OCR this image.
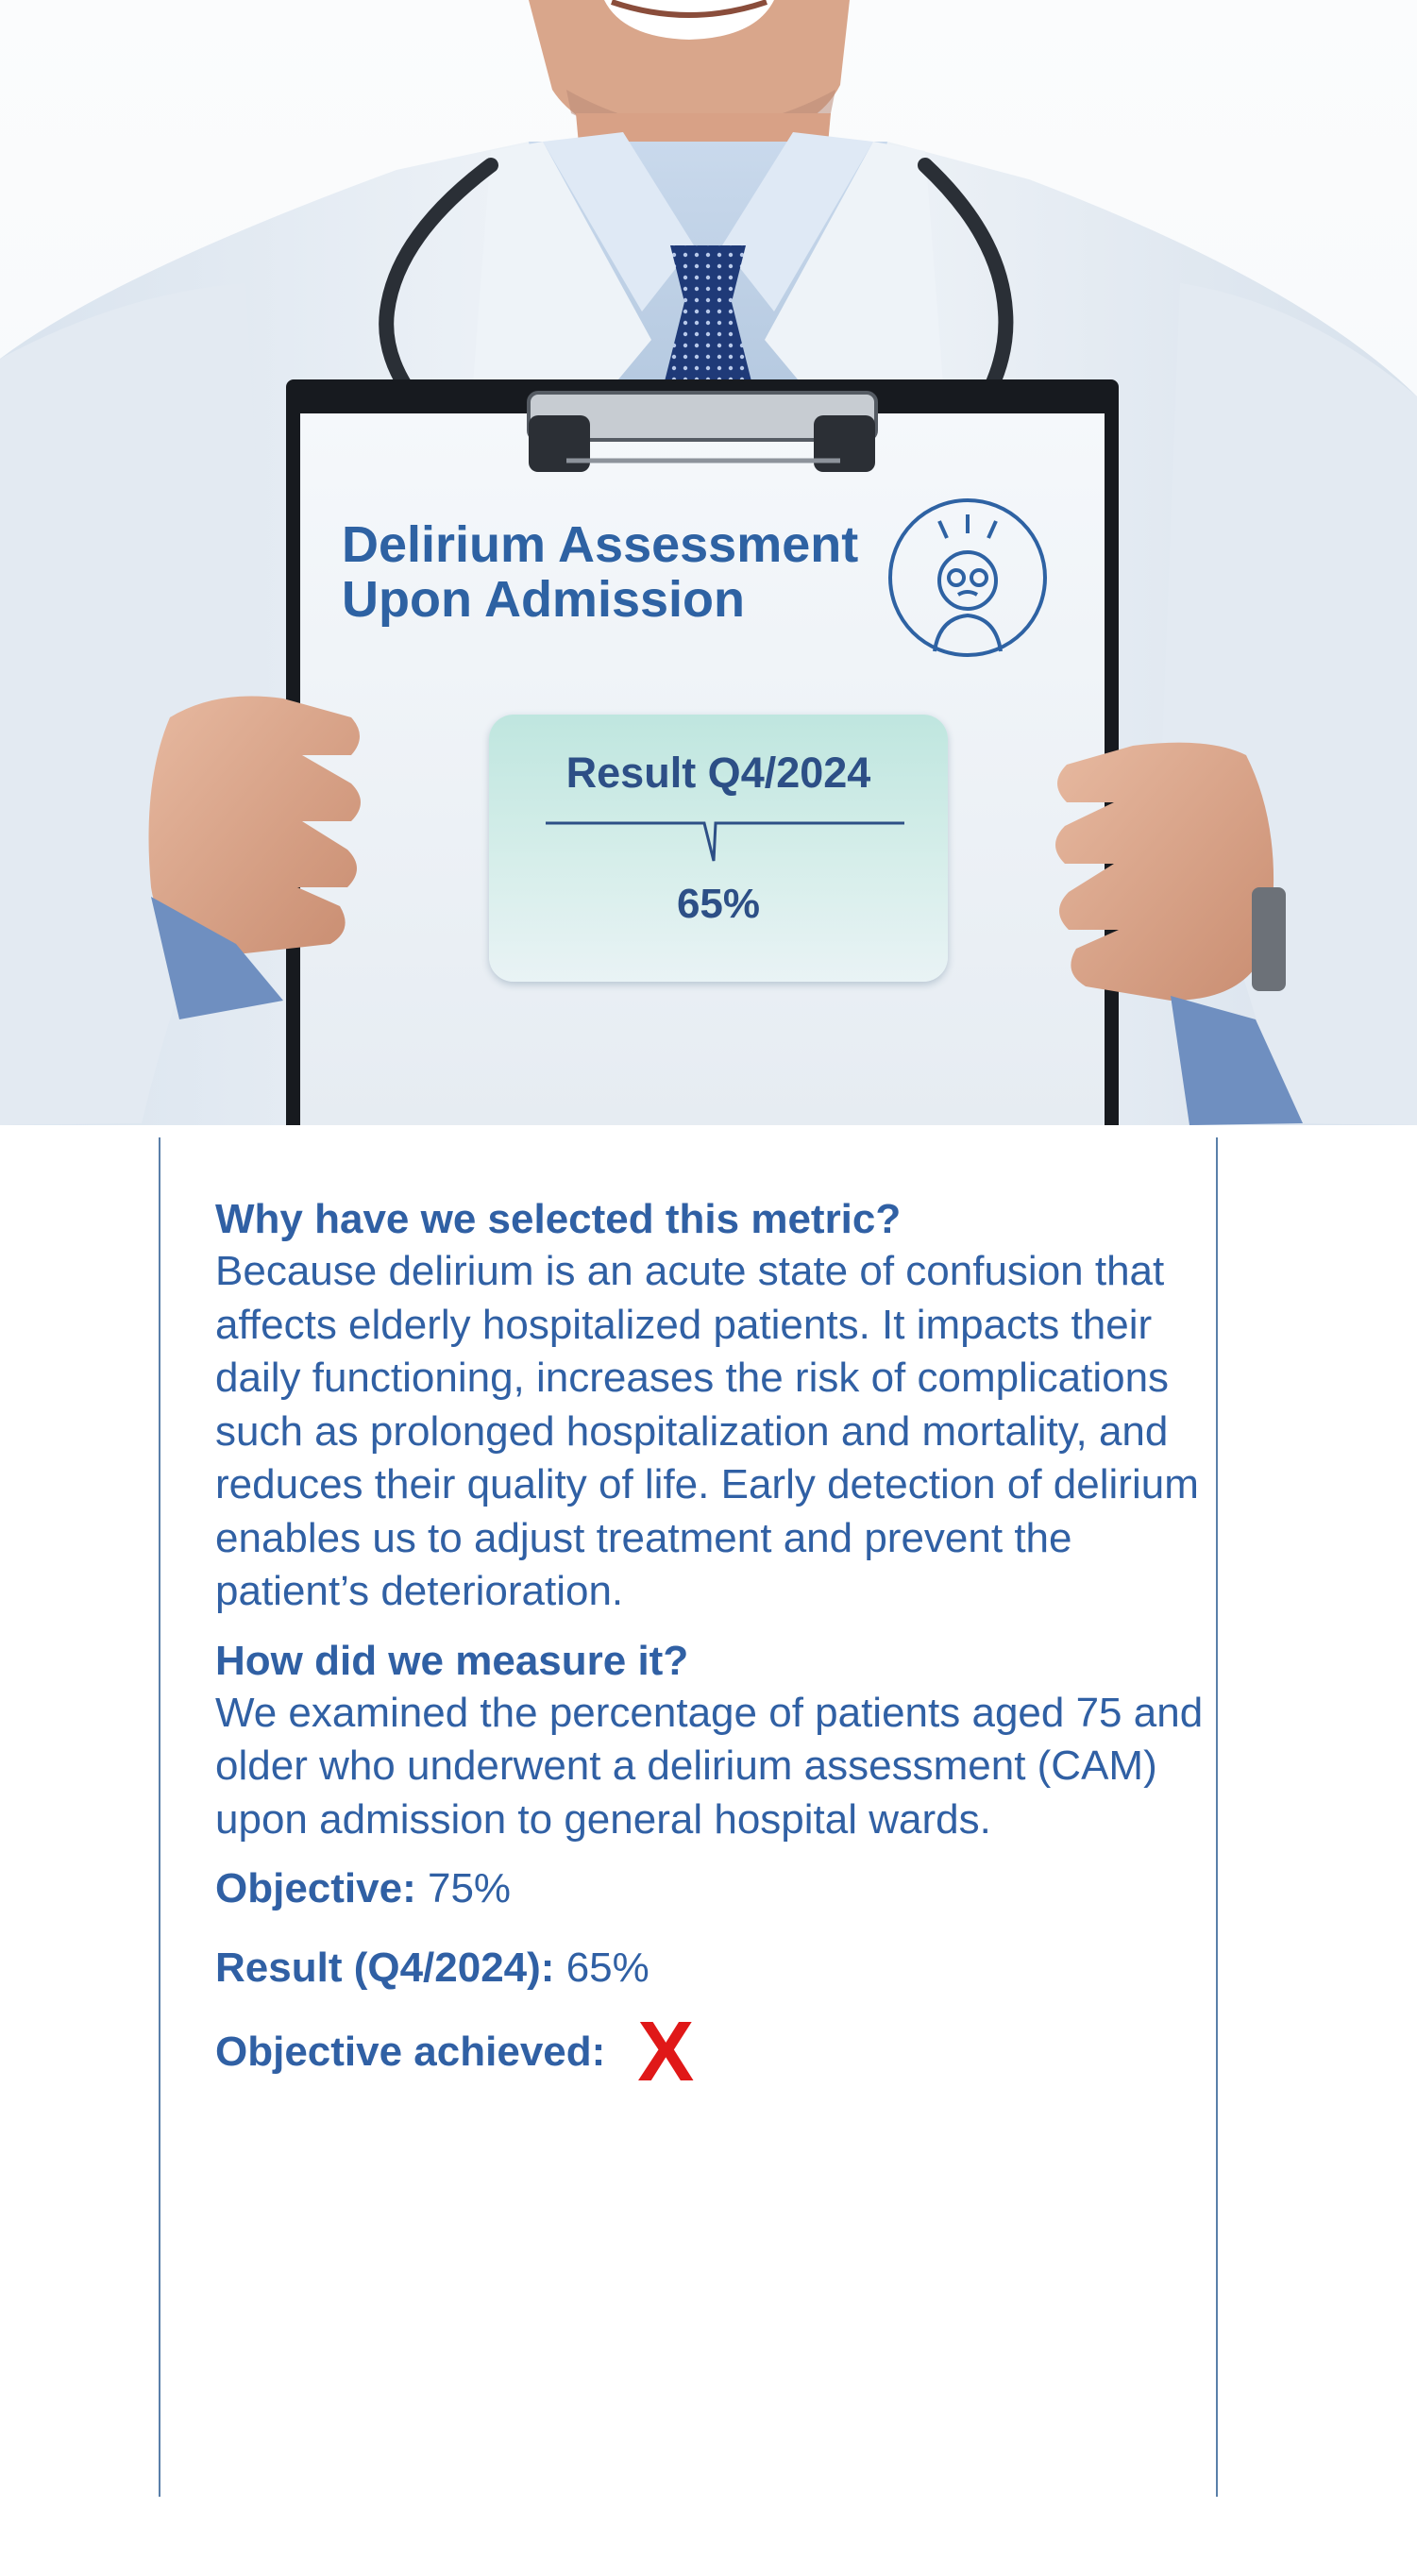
Delirium Assessment Upon Admission
Result Q4/2024
65%
Why have we selected this metric?
Because delirium is an acute state of confusion that affects elderly hospitalized patients. It impacts their daily functioning, increases the risk of complications such as prolonged hospitalization and mortality, and reduces their quality of life. Early detection of delirium enables us to adjust treatment and prevent the patient’s deterioration.
How did we measure it?
We examined the percentage of patients aged 75 and older who underwent a delirium assessment (CAM) upon admission to general hospital wards.
Objective: 75%
Result (Q4/2024): 65%
Objective achieved: X
